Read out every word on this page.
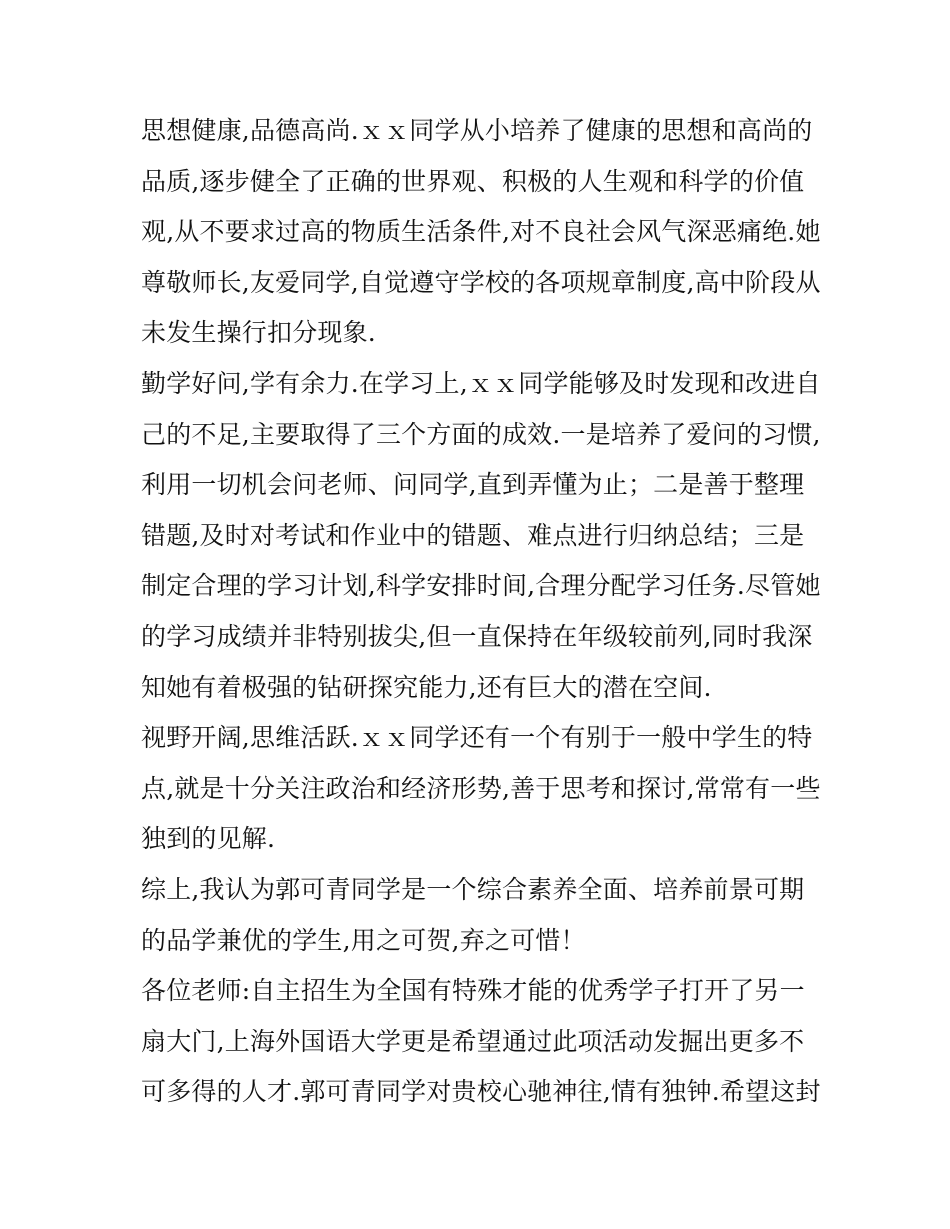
思想健康,品德高尚.ｘｘ同学从小培养了健康的思想和高尚的
品质,逐步健全了正确的世界观、积极的人生观和科学的价值
观,从不要求过高的物质生活条件,对不良社会风气深恶痛绝.她
尊敬师长,友爱同学,自觉遵守学校的各项规章制度,高中阶段从
未发生操行扣分现象.
勤学好问,学有余力.在学习上,ｘｘ同学能够及时发现和改进自
己的不足,主要取得了三个方面的成效.一是培养了爱问的习惯,
利用一切机会问老师、问同学,直到弄懂为止；二是善于整理
错题,及时对考试和作业中的错题、难点进行归纳总结；三是
制定合理的学习计划,科学安排时间,合理分配学习任务.尽管她
的学习成绩并非特别拔尖,但一直保持在年级较前列,同时我深
知她有着极强的钻研探究能力,还有巨大的潜在空间.
视野开阔,思维活跃.ｘｘ同学还有一个有别于一般中学生的特
点,就是十分关注政治和经济形势,善于思考和探讨,常常有一些
独到的见解.
综上,我认为郭可青同学是一个综合素养全面、培养前景可期
的品学兼优的学生,用之可贺,弃之可惜！
各位老师:自主招生为全国有特殊才能的优秀学子打开了另一
扇大门,上海外国语大学更是希望通过此项活动发掘出更多不
可多得的人才.郭可青同学对贵校心驰神往,情有独钟.希望这封
